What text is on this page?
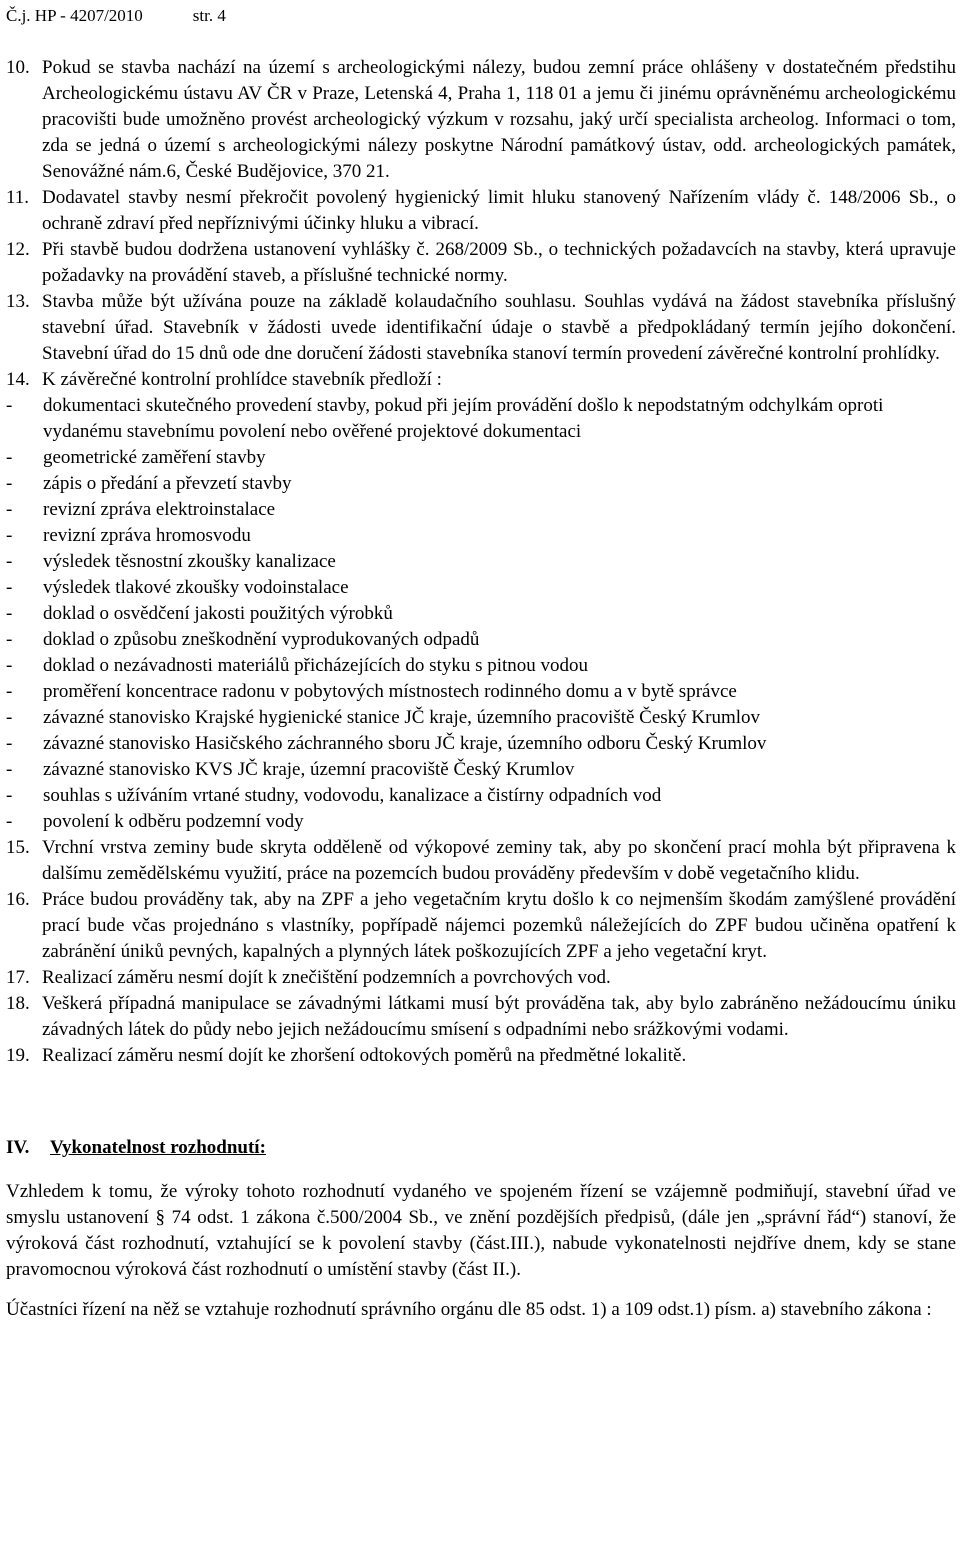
Č.j. HP - 4207/2010	str. 4
10. Pokud se stavba nachází na území s archeologickými nálezy, budou zemní práce ohlášeny v dostatečném předstihu Archeologickému ústavu AV ČR v Praze, Letenská 4, Praha 1, 118 01 a jemu či jinému oprávněnému archeologickému pracovišti bude umožněno provést archeologický výzkum v rozsahu, jaký určí specialista archeolog. Informaci o tom, zda se jedná o území s archeologickými nálezy poskytne Národní památkový ústav, odd. archeologických památek, Senovážné nám.6, České Budějovice, 370 21.

11. Dodavatel stavby nesmí překročit povolený hygienický limit hluku stanovený Nařízením vlády č. 148/2006 Sb., o ochraně zdraví před nepříznivými účinky hluku a vibrací.

12. Při stavbě budou dodržena ustanovení vyhlášky č. 268/2009 Sb., o technických požadavcích na stavby, která upravuje požadavky na provádění staveb, a příslušné technické normy.

13. Stavba může být užívána pouze na základě kolaudačního souhlasu. Souhlas vydává na žádost stavebníka příslušný stavební úřad. Stavebník v žádosti uvede identifikační údaje o stavbě a předpokládaný termín jejího dokončení. Stavební úřad do 15 dnů ode dne doručení žádosti stavebníka stanoví termín provedení závěrečné kontrolní prohlídky.

14. K závěrečné kontrolní prohlídce stavebník předloží :

- dokumentaci skutečného provedení stavby, pokud při jejím provádění došlo k nepodstatným odchylkám oproti vydanému stavebnímu povolení nebo ověřené projektové dokumentaci
- geometrické zaměření stavby
- zápis o předání a převzetí stavby
- revizní zpráva elektroinstalace
- revizní zpráva hromosvodu
- výsledek těsnostní zkoušky kanalizace
- výsledek tlakové zkoušky vodoinstalace
- doklad o osvědčení jakosti použitých výrobků
- doklad o způsobu zneškodnění vyprodukovaných odpadů
- doklad o nezávadnosti materiálů přicházejících do styku s pitnou vodou
- proměření koncentrace radonu v pobytových místnostech rodinného domu a v bytě správce
- závazné stanovisko Krajské hygienické stanice JČ kraje, územního pracoviště Český Krumlov
- závazné stanovisko Hasičského záchranného sboru JČ kraje, územního odboru Český Krumlov
- závazné stanovisko KVS JČ kraje, územní pracoviště Český Krumlov
- souhlas s užíváním vrtané studny, vodovodu, kanalizace a čistírny odpadních vod
- povolení k odběru podzemní vody
15. Vrchní vrstva zeminy bude skryta odděleně od výkopové zeminy tak, aby po skončení prací mohla být připravena k dalšímu zemědělskému využití, práce na pozemcích budou prováděny především v době vegetačního klidu.

16. Práce budou prováděny tak, aby na ZPF a jeho vegetačním krytu došlo k co nejmenším škodám zamýšlené provádění prací bude včas projednáno s vlastníky, popřípadě nájemci pozemků náležejících do ZPF budou učiněna opatření k zabránění úniků pevných, kapalných a plynných látek poškozujících ZPF a jeho vegetační kryt.

17. Realizací záměru nesmí dojít k znečištění podzemních a povrchových vod.

18. Veškerá případná manipulace se závadnými látkami musí být prováděna tak, aby bylo zabráněno nežádoucímu úniku závadných látek do půdy nebo jejich nežádoucímu smísení s odpadními nebo srážkovými vodami.

19. Realizací záměru nesmí dojít ke zhoršení odtokových poměrů na předmětné lokalitě.

IV. Vykonatelnost rozhodnutí:

Vzhledem k tomu, že výroky tohoto rozhodnutí vydaného ve spojeném řízení se vzájemně podmiňují, stavební úřad ve smyslu ustanovení § 74 odst. 1 zákona č.500/2004 Sb., ve znění pozdějších předpisů, (dále jen „správní řád“) stanoví, že výroková část rozhodnutí, vztahující se k povolení stavby (část.III.), nabude vykonatelnosti nejdříve dnem, kdy se stane pravomocnou výroková část rozhodnutí o umístění stavby (část II.).

Účastníci řízení na něž se vztahuje rozhodnutí správního orgánu dle 85 odst. 1) a 109 odst.1) písm. a) stavebního zákona :
